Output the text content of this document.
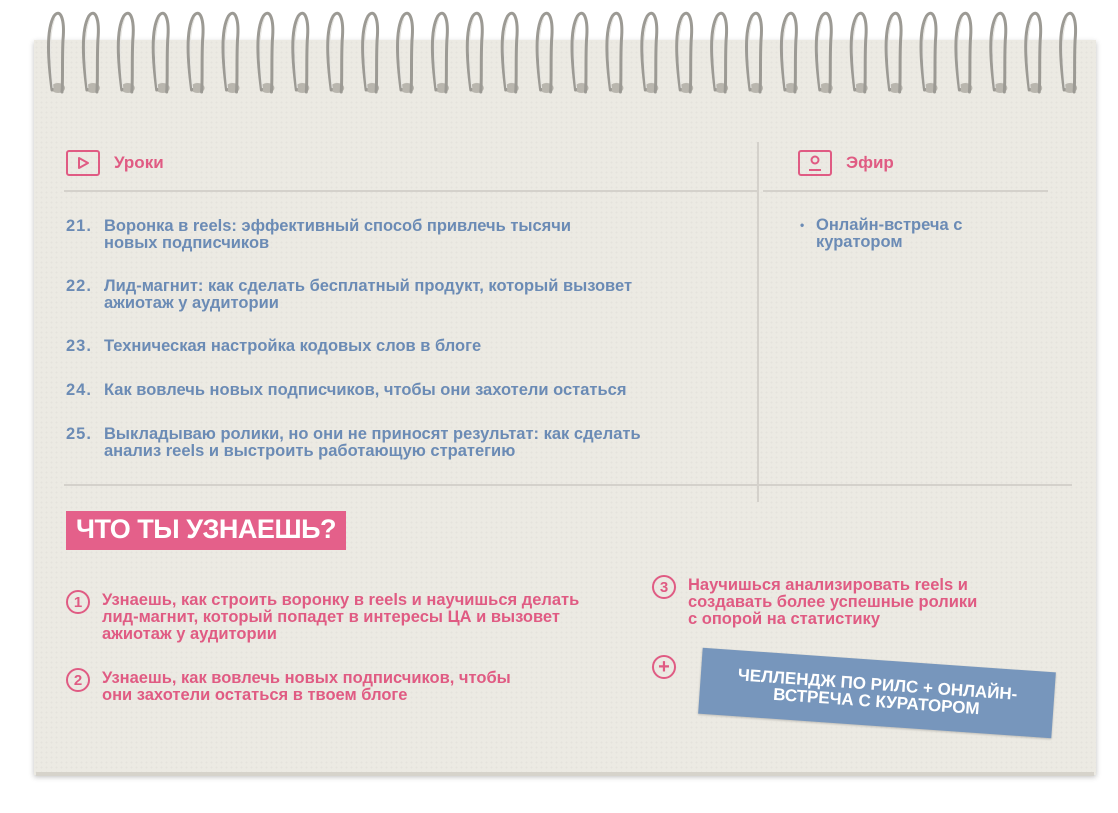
Уроки	Эфир
21. Воронка в reels: эффективный способ привлечь тысячи новых подписчиков
22. Лид-магнит: как сделать бесплатный продукт, который вызовет ажиотаж у аудитории
23. Техническая настройка кодовых слов в блоге
24. Как вовлечь новых подписчиков, чтобы они захотели остаться
25. Выкладываю ролики, но они не приносят результат: как сделать анализ reels и выстроить работающую стратегию
• Онлайн-встреча с куратором
ЧТО ТЫ УЗНАЕШЬ?
1	Узнаешь, как строить воронку в reels и научишься делать лид-магнит, который попадет в интересы ЦА и вызовет ажиотаж у аудитории
2	Узнаешь, как вовлечь новых подписчиков, чтобы они захотели остаться в твоем блоге
3	Научишься анализировать reels и создавать более успешные ролики с опорой на статистику
+	ЧЕЛЛЕНДЖ ПО РИЛС + ОНЛАЙН-ВСТРЕЧА С КУРАТОРОМ
